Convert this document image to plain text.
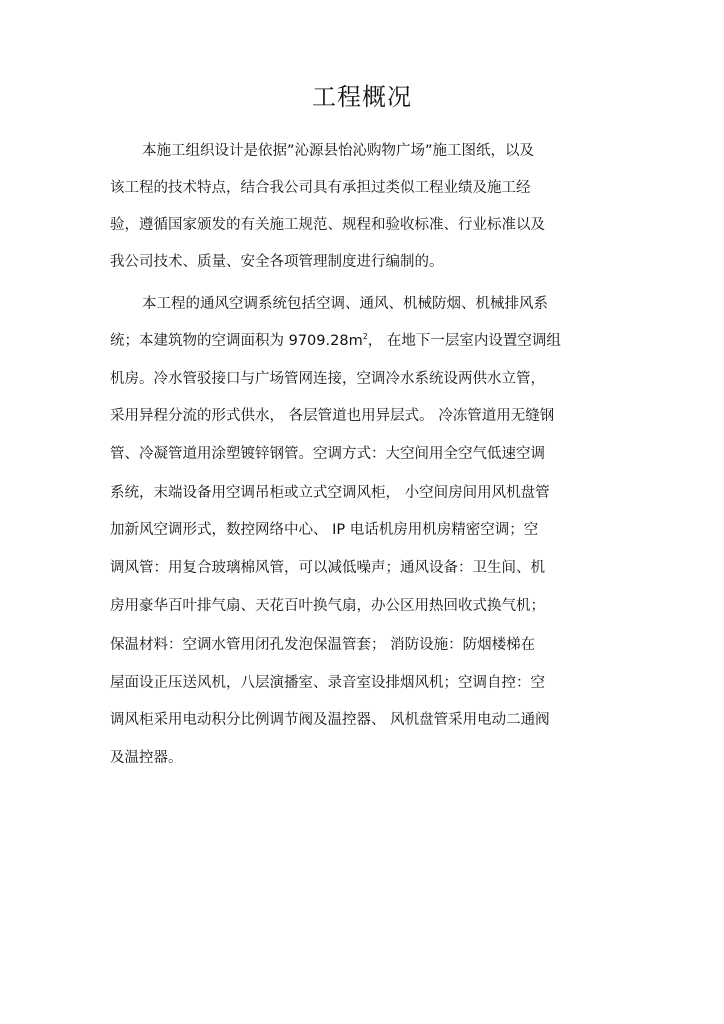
工程概况
本施工组织设计是依据”沁源县怡沁购物广场”施工图纸，以及
该工程的技术特点，结合我公司具有承担过类似工程业绩及施工经
验，遵循国家颁发的有关施工规范、规程和验收标准、行业标准以及
我公司技术、质量、安全各项管理制度进行编制的。
本工程的通风空调系统包括空调、通风、机械防烟、机械排风系
统；本建筑物的空调面积为 $9709.28m^2$， 在地下一层室内设置空调组
机房。冷水管驳接口与广场管网连接，空调冷水系统设两供水立管，
采用异程分流的形式供水， 各层管道也用异层式。 冷冻管道用无缝钢
管、冷凝管道用涂塑镀锌钢管。空调方式：大空间用全空气低速空调
系统，末端设备用空调吊柜或立式空调风柜， 小空间房间用风机盘管
加新风空调形式，数控网络中心、 IP 电话机房用机房精密空调；空
调风管：用复合玻璃棉风管，可以减低噪声；通风设备：卫生间、机
房用豪华百叶排气扇、天花百叶换气扇，办公区用热回收式换气机；
保温材料：空调水管用闭孔发泡保温管套； 消防设施：防烟楼梯在
屋面设正压送风机，八层演播室、录音室设排烟风机；空调自控：空
调风柜采用电动积分比例调节阀及温控器、 风机盘管采用电动二通阀
及温控器。
